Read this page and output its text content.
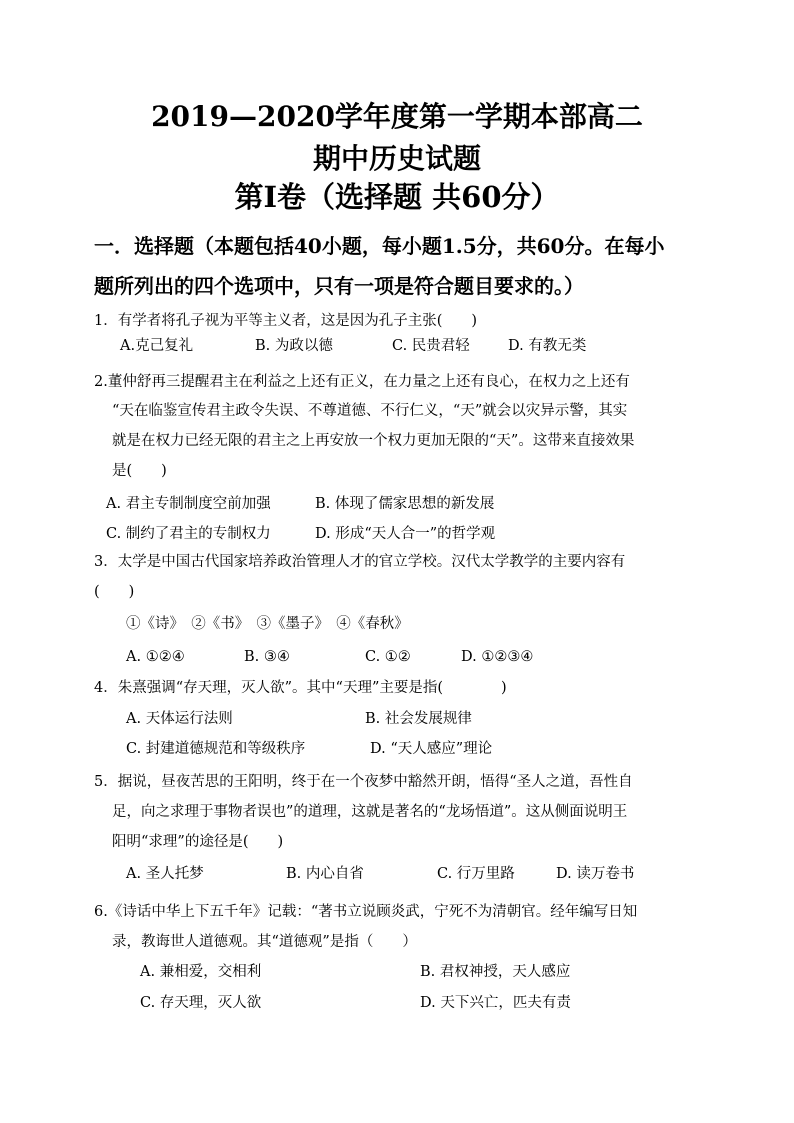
2019—2020学年度第一学期本部高二
期中历史试题
第Ⅰ卷（选择题 共60分）
一．选择题（本题包括40小题，每小题1.5分，共60分。在每小
题所列出的四个选项中，只有一项是符合题目要求的。）
1．有学者将孔子视为平等主义者，这是因为孔子主张(　　)
A.克己复礼	B. 为政以德	C. 民贵君轻	D. 有教无类
2.董仲舒再三提醒君主在利益之上还有正义，在力量之上还有良心，在权力之上还有
“天在临鉴宣传君主政令失误、不尊道德、不行仁义，“天”就会以灾异示警，其实
就是在权力已经无限的君主之上再安放一个权力更加无限的“天”。这带来直接效果
是(　　)
A. 君主专制制度空前加强	B. 体现了儒家思想的新发展
C. 制约了君主的专制权力	D. 形成“天人合一”的哲学观
3．太学是中国古代国家培养政治管理人才的官立学校。汉代太学教学的主要内容有
(　　)
①《诗》　②《书》　③《墨子》　④《春秋》
A. ①②④	B. ③④	C. ①②	D. ①②③④
4．朱熹强调“存天理，灭人欲”。其中“天理”主要是指(　　　　)
A. 天体运行法则	B. 社会发展规律
C. 封建道德规范和等级秩序	D. “天人感应”理论
5．据说，昼夜苦思的王阳明，终于在一个夜梦中豁然开朗，悟得“圣人之道，吾性自
足，向之求理于事物者误也”的道理，这就是著名的“龙场悟道”。这从侧面说明王
阳明“求理”的途径是(　　)
A. 圣人托梦	B. 内心自省	C. 行万里路	D. 读万卷书
6.《诗话中华上下五千年》记载：“著书立说顾炎武，宁死不为清朝官。经年编写日知
录，教诲世人道德观。其“道德观”是指（　　）
A. 兼相爱，交相利	B. 君权神授，天人感应
C. 存天理，灭人欲	D. 天下兴亡，匹夫有责
